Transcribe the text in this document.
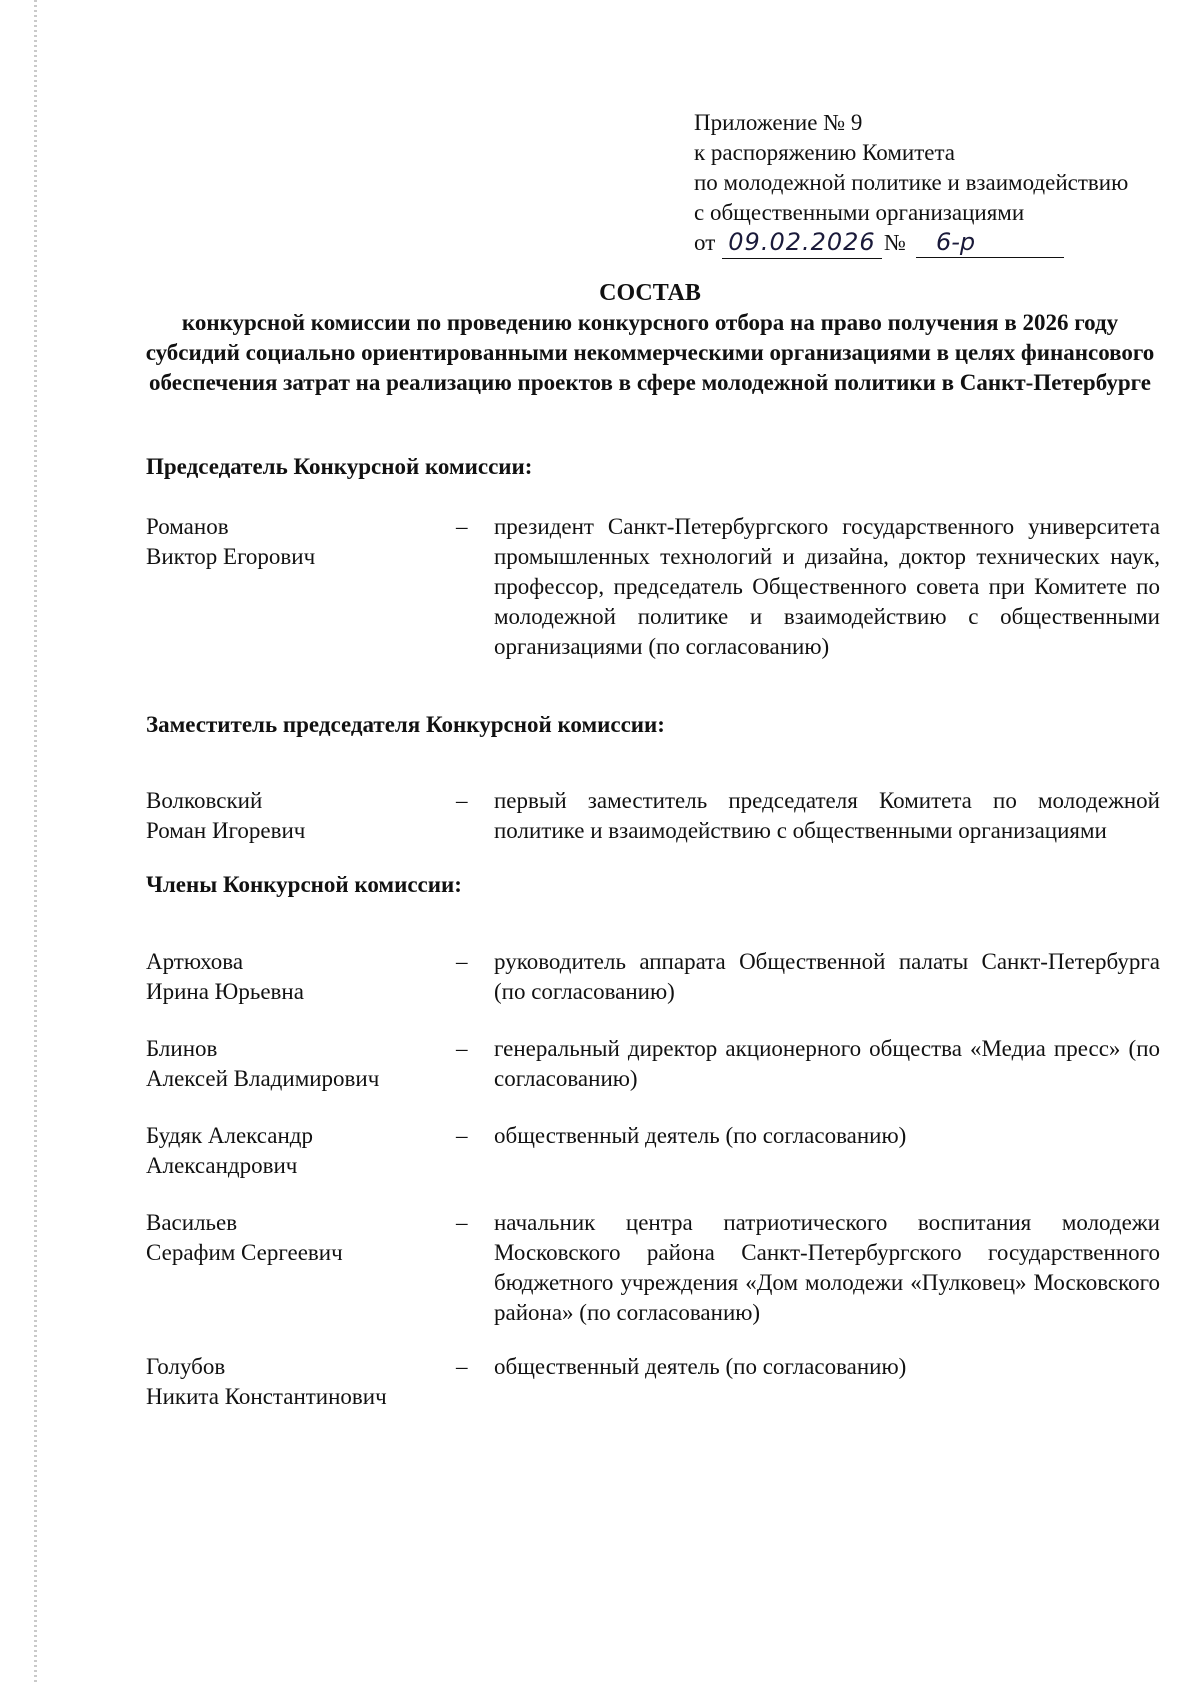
Приложение № 9
к распоряжению Комитета
по молодежной политике и взаимодействию
с общественными организациями
от 09.02.2026 №	6-р
СОСТАВ
конкурсной комиссии по проведению конкурсного отбора на право получения в 2026 году субсидий социально ориентированными некоммерческими организациями в целях финансового обеспечения затрат на реализацию проектов в сфере молодежной политики в Санкт-Петербурге
Председатель Конкурсной комиссии:
Романов
Виктор Егорович
– президент Санкт-Петербургского государственного университета промышленных технологий и дизайна, доктор технических наук, профессор, председатель Общественного совета при Комитете по молодежной политике и взаимодействию с общественными организациями (по согласованию)
Заместитель председателя Конкурсной комиссии:
Волковский
Роман Игоревич
– первый заместитель председателя Комитета по молодежной политике и взаимодействию с общественными организациями
Члены Конкурсной комиссии:
Артюхова
Ирина Юрьевна
– руководитель аппарата Общественной палаты Санкт-Петербурга (по согласованию)
Блинов
Алексей Владимирович
– генеральный директор акционерного общества «Медиа пресс» (по согласованию)
Будяк Александр
Александрович
– общественный деятель (по согласованию)
Васильев
Серафим Сергеевич
– начальник центра патриотического воспитания молодежи Московского района Санкт-Петербургского государственного бюджетного учреждения «Дом молодежи «Пулковец» Московского района» (по согласованию)
Голубов
Никита Константинович
– общественный деятель (по согласованию)
